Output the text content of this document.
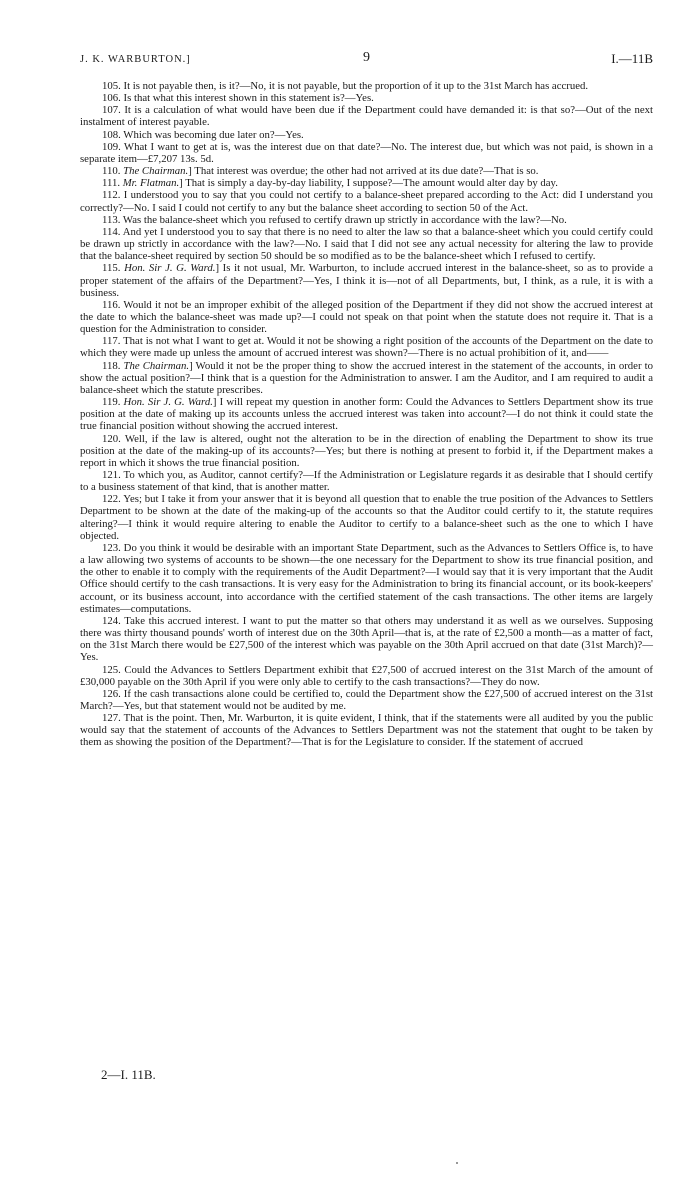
J. K. WARBURTON.]	9	I.—11B

105. It is not payable then, is it?—No, it is not payable, but the proportion of it up to the 31st March has accrued.

106. Is that what this interest shown in this statement is?—Yes.

107. It is a calculation of what would have been due if the Department could have demanded it: is that so?—Out of the next instalment of interest payable.

108. Which was becoming due later on?—Yes.

109. What I want to get at is, was the interest due on that date?—No. The interest due, but which was not paid, is shown in a separate item—£7,207 13s. 5d.

110. The Chairman.] That interest was overdue; the other had not arrived at its due date?—That is so.

111. Mr. Flatman.] That is simply a day-by-day liability, I suppose?—The amount would alter day by day.

112. I understood you to say that you could not certify to a balance-sheet prepared according to the Act: did I understand you correctly?—No. I said I could not certify to any but the balance sheet according to section 50 of the Act.

113. Was the balance-sheet which you refused to certify drawn up strictly in accordance with the law?—No.

114. And yet I understood you to say that there is no need to alter the law so that a balance-sheet which you could certify could be drawn up strictly in accordance with the law?—No. I said that I did not see any actual necessity for altering the law to provide that the balance-sheet required by section 50 should be so modified as to be the balance-sheet which I refused to certify.

115. Hon. Sir J. G. Ward.] Is it not usual, Mr. Warburton, to include accrued interest in the balance-sheet, so as to provide a proper statement of the affairs of the Department?—Yes, I think it is—not of all Departments, but, I think, as a rule, it is with a business.

116. Would it not be an improper exhibit of the alleged position of the Department if they did not show the accrued interest at the date to which the balance-sheet was made up?—I could not speak on that point when the statute does not require it. That is a question for the Administration to consider.

117. That is not what I want to get at. Would it not be showing a right position of the accounts of the Department on the date to which they were made up unless the amount of accrued interest was shown?—There is no actual prohibition of it, and——

118. The Chairman.] Would it not be the proper thing to show the accrued interest in the statement of the accounts, in order to show the actual position?—I think that is a question for the Administration to answer. I am the Auditor, and I am required to audit a balance-sheet which the statute prescribes.

119. Hon. Sir J. G. Ward.] I will repeat my question in another form: Could the Advances to Settlers Department show its true position at the date of making up its accounts unless the accrued interest was taken into account?—I do not think it could state the true financial position without showing the accrued interest.

120. Well, if the law is altered, ought not the alteration to be in the direction of enabling the Department to show its true position at the date of the making-up of its accounts?—Yes; but there is nothing at present to forbid it, if the Department makes a report in which it shows the true financial position.

121. To which you, as Auditor, cannot certify?—If the Administration or Legislature regards it as desirable that I should certify to a business statement of that kind, that is another matter.

122. Yes; but I take it from your answer that it is beyond all question that to enable the true position of the Advances to Settlers Department to be shown at the date of the making-up of the accounts so that the Auditor could certify to it, the statute requires altering?—I think it would require altering to enable the Auditor to certify to a balance-sheet such as the one to which I have objected.

123. Do you think it would be desirable with an important State Department, such as the Advances to Settlers Office is, to have a law allowing two systems of accounts to be shown—the one necessary for the Department to show its true financial position, and the other to enable it to comply with the requirements of the Audit Department?—I would say that it is very important that the Audit Office should certify to the cash transactions. It is very easy for the Administration to bring its financial account, or its book-keepers' account, or its business account, into accordance with the certified statement of the cash transactions. The other items are largely estimates—computations.

124. Take this accrued interest. I want to put the matter so that others may understand it as well as we ourselves. Supposing there was thirty thousand pounds' worth of interest due on the 30th April—that is, at the rate of £2,500 a month—as a matter of fact, on the 31st March there would be £27,500 of the interest which was payable on the 30th April accrued on that date (31st March)?—Yes.

125. Could the Advances to Settlers Department exhibit that £27,500 of accrued interest on the 31st March of the amount of £30,000 payable on the 30th April if you were only able to certify to the cash transactions?—They do now.

126. If the cash transactions alone could be certified to, could the Department show the £27,500 of accrued interest on the 31st March?—Yes, but that statement would not be audited by me.

127. That is the point. Then, Mr. Warburton, it is quite evident, I think, that if the statements were all audited by you the public would say that the statement of accounts of the Advances to Settlers Department was not the statement that ought to be taken by them as showing the position of the Department?—That is for the Legislature to consider. If the statement of accrued

2—I. 11B.
